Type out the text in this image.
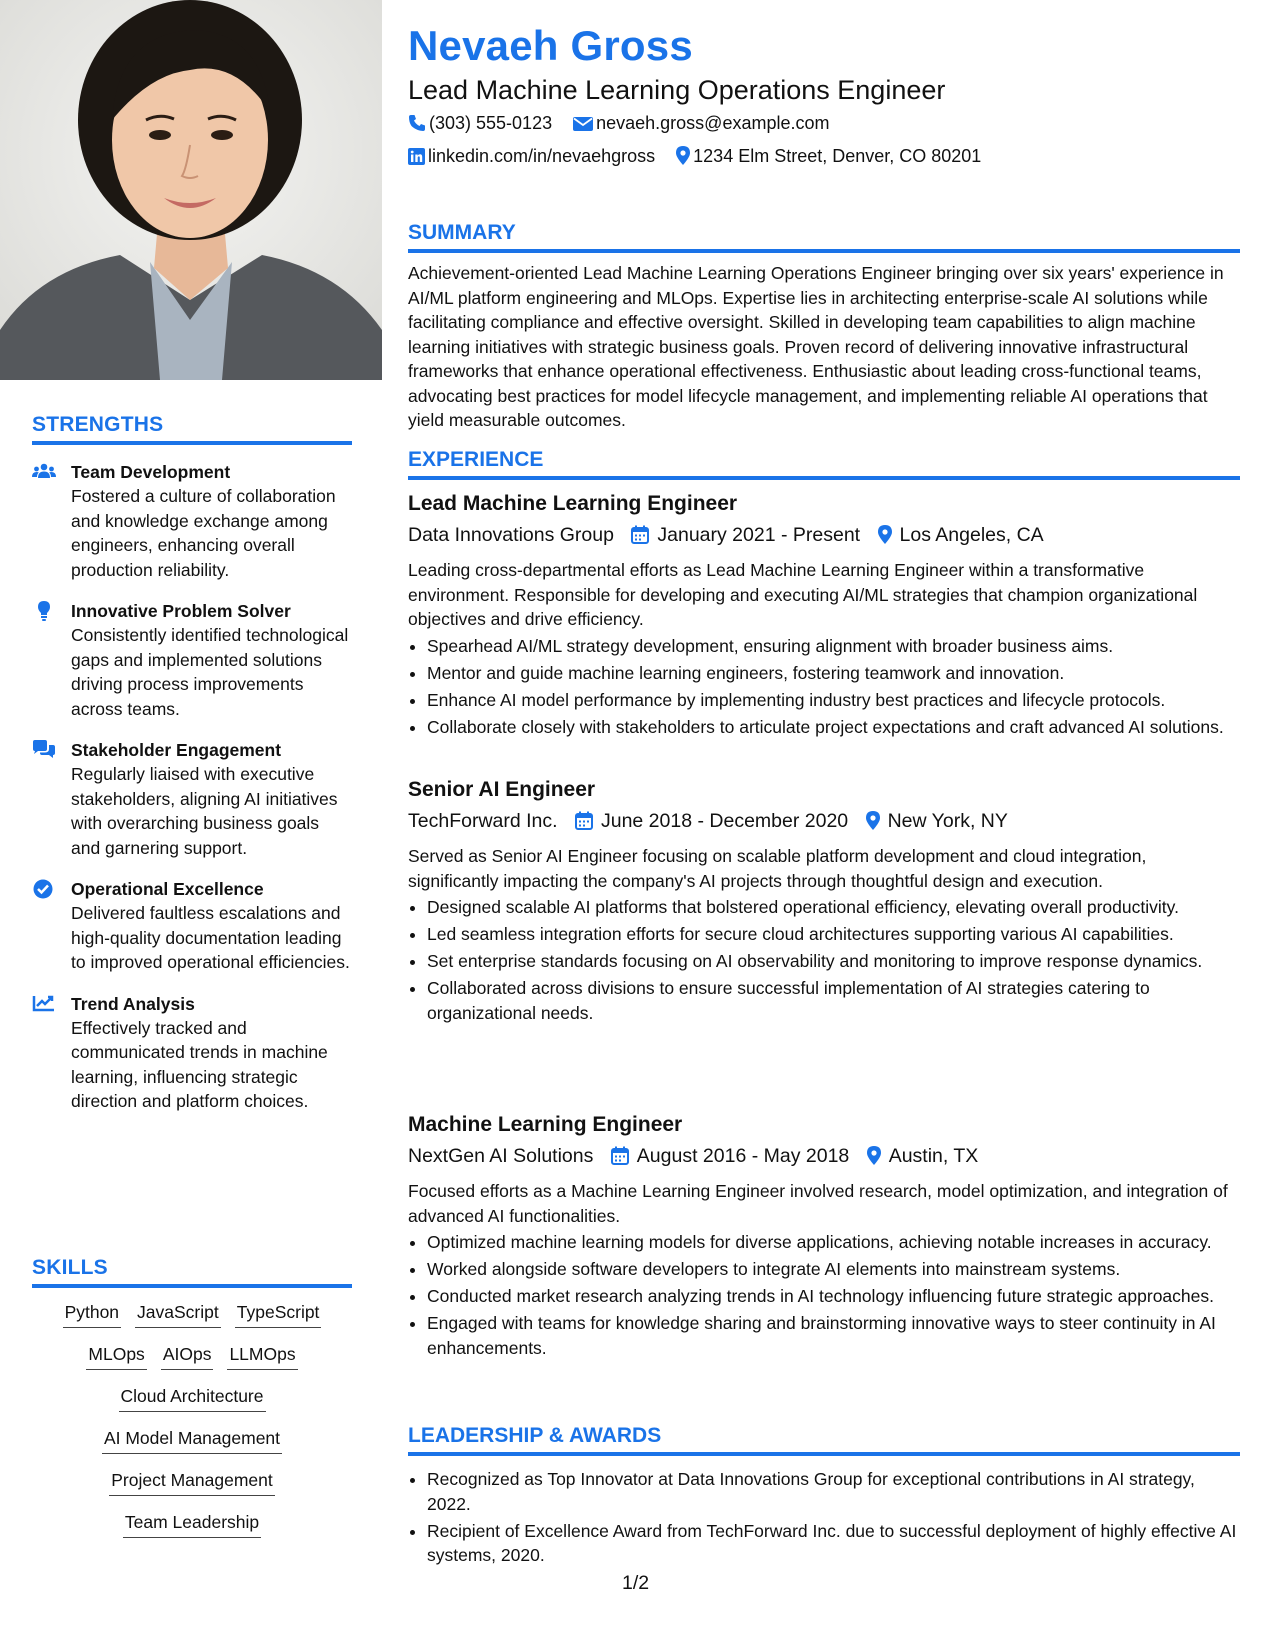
STRENGTHS
Team Development
Fostered a culture of collaboration and knowledge exchange among engineers, enhancing overall production reliability.
Innovative Problem Solver
Consistently identified technological gaps and implemented solutions driving process improvements across teams.
Stakeholder Engagement
Regularly liaised with executive stakeholders, aligning AI initiatives with overarching business goals and garnering support.
Operational Excellence
Delivered faultless escalations and high-quality documentation leading to improved operational efficiencies.
Trend Analysis
Effectively tracked and communicated trends in machine learning, influencing strategic direction and platform choices.
SKILLS
Python JavaScript TypeScript
MLOps AIOps LLMOps
Cloud Architecture
AI Model Management
Project Management
Team Leadership
Nevaeh Gross
Lead Machine Learning Operations Engineer
(303) 555-0123 nevaeh.gross@example.com
linkedin.com/in/nevaehgross 1234 Elm Street, Denver, CO 80201
SUMMARY
Achievement-oriented Lead Machine Learning Operations Engineer bringing over six years' experience in AI/ML platform engineering and MLOps. Expertise lies in architecting enterprise-scale AI solutions while facilitating compliance and effective oversight. Skilled in developing team capabilities to align machine learning initiatives with strategic business goals. Proven record of delivering innovative infrastructural frameworks that enhance operational effectiveness. Enthusiastic about leading cross-functional teams, advocating best practices for model lifecycle management, and implementing reliable AI operations that yield measurable outcomes.
EXPERIENCE
Lead Machine Learning Engineer
Data Innovations Group January 2021 - Present Los Angeles, CA
Leading cross-departmental efforts as Lead Machine Learning Engineer within a transformative environment. Responsible for developing and executing AI/ML strategies that champion organizational objectives and drive efficiency.
• Spearhead AI/ML strategy development, ensuring alignment with broader business aims.
• Mentor and guide machine learning engineers, fostering teamwork and innovation.
• Enhance AI model performance by implementing industry best practices and lifecycle protocols.
• Collaborate closely with stakeholders to articulate project expectations and craft advanced AI solutions.
Senior AI Engineer
TechForward Inc. June 2018 - December 2020 New York, NY
Served as Senior AI Engineer focusing on scalable platform development and cloud integration, significantly impacting the company's AI projects through thoughtful design and execution.
• Designed scalable AI platforms that bolstered operational efficiency, elevating overall productivity.
• Led seamless integration efforts for secure cloud architectures supporting various AI capabilities.
• Set enterprise standards focusing on AI observability and monitoring to improve response dynamics.
• Collaborated across divisions to ensure successful implementation of AI strategies catering to organizational needs.
Machine Learning Engineer
NextGen AI Solutions August 2016 - May 2018 Austin, TX
Focused efforts as a Machine Learning Engineer involved research, model optimization, and integration of advanced AI functionalities.
• Optimized machine learning models for diverse applications, achieving notable increases in accuracy.
• Worked alongside software developers to integrate AI elements into mainstream systems.
• Conducted market research analyzing trends in AI technology influencing future strategic approaches.
• Engaged with teams for knowledge sharing and brainstorming innovative ways to steer continuity in AI enhancements.
LEADERSHIP & AWARDS
• Recognized as Top Innovator at Data Innovations Group for exceptional contributions in AI strategy, 2022.
• Recipient of Excellence Award from TechForward Inc. due to successful deployment of highly effective AI systems, 2020.
1/2
